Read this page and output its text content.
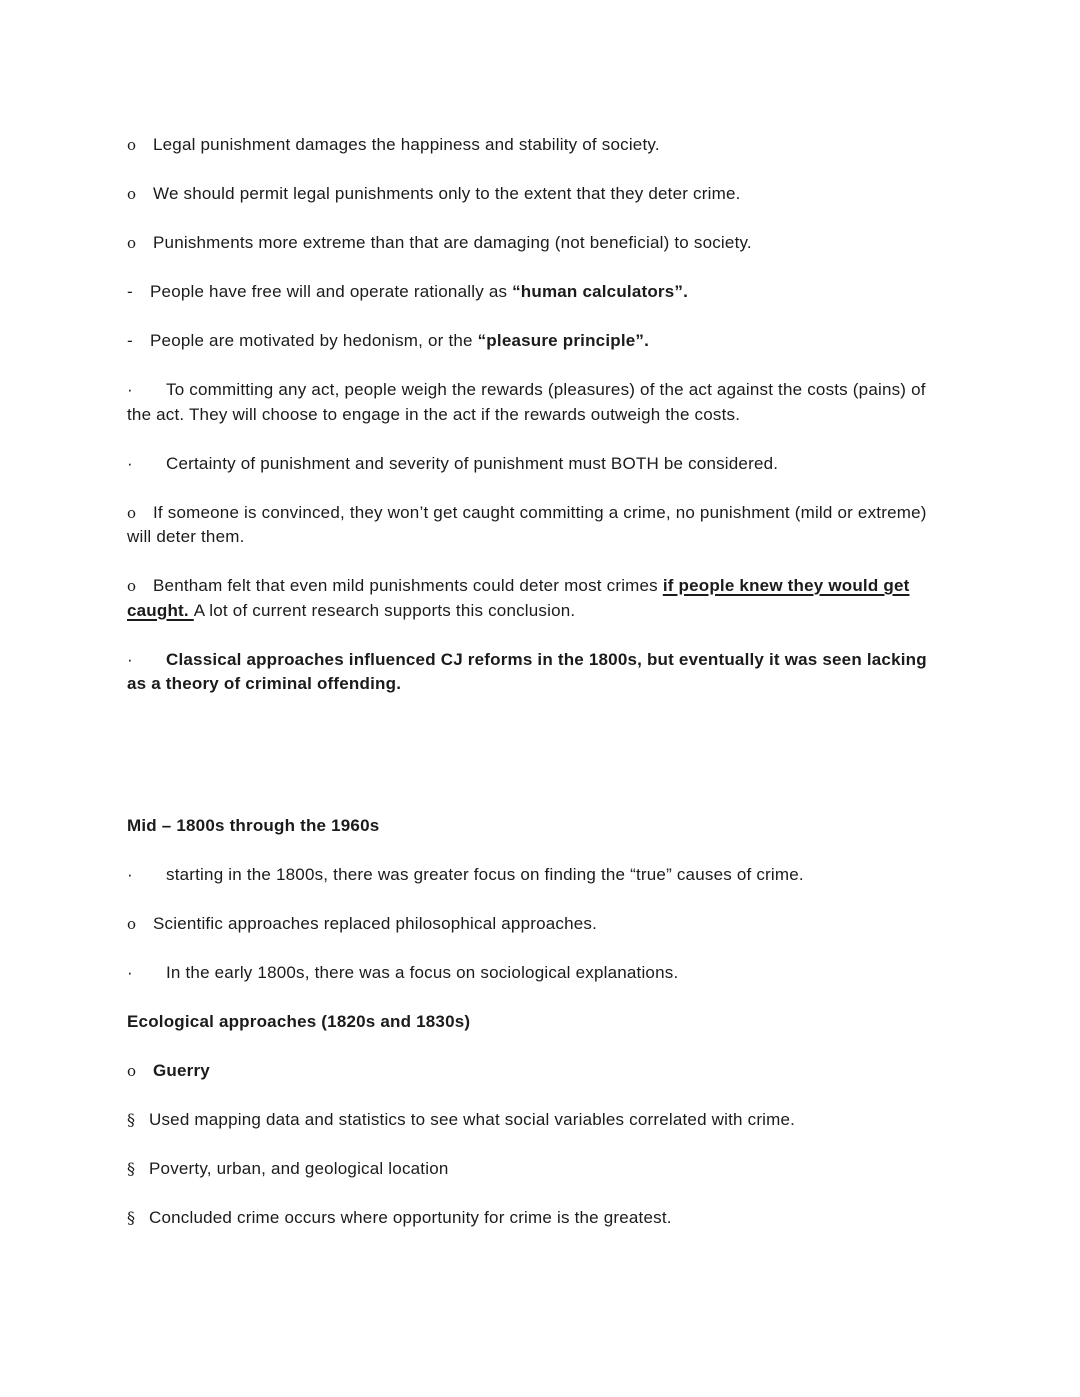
o Legal punishment damages the happiness and stability of society.

o We should permit legal punishments only to the extent that they deter crime.

o Punishments more extreme than that are damaging (not beneficial) to society.

- People have free will and operate rationally as “human calculators”.

- People are motivated by hedonism, or the “pleasure principle”.

· To committing any act, people weigh the rewards (pleasures) of the act against the costs (pains) of the act. They will choose to engage in the act if the rewards outweigh the costs.

· Certainty of punishment and severity of punishment must BOTH be considered.

o If someone is convinced, they won’t get caught committing a crime, no punishment (mild or extreme) will deter them.

o Bentham felt that even mild punishments could deter most crimes if people knew they would get caught. A lot of current research supports this conclusion.

· Classical approaches influenced CJ reforms in the 1800s, but eventually it was seen lacking as a theory of criminal offending.

Mid – 1800s through the 1960s

· starting in the 1800s, there was greater focus on finding the “true” causes of crime.

o Scientific approaches replaced philosophical approaches.

· In the early 1800s, there was a focus on sociological explanations.

Ecological approaches (1820s and 1830s)

o Guerry

§ Used mapping data and statistics to see what social variables correlated with crime.

§ Poverty, urban, and geological location

§ Concluded crime occurs where opportunity for crime is the greatest.
